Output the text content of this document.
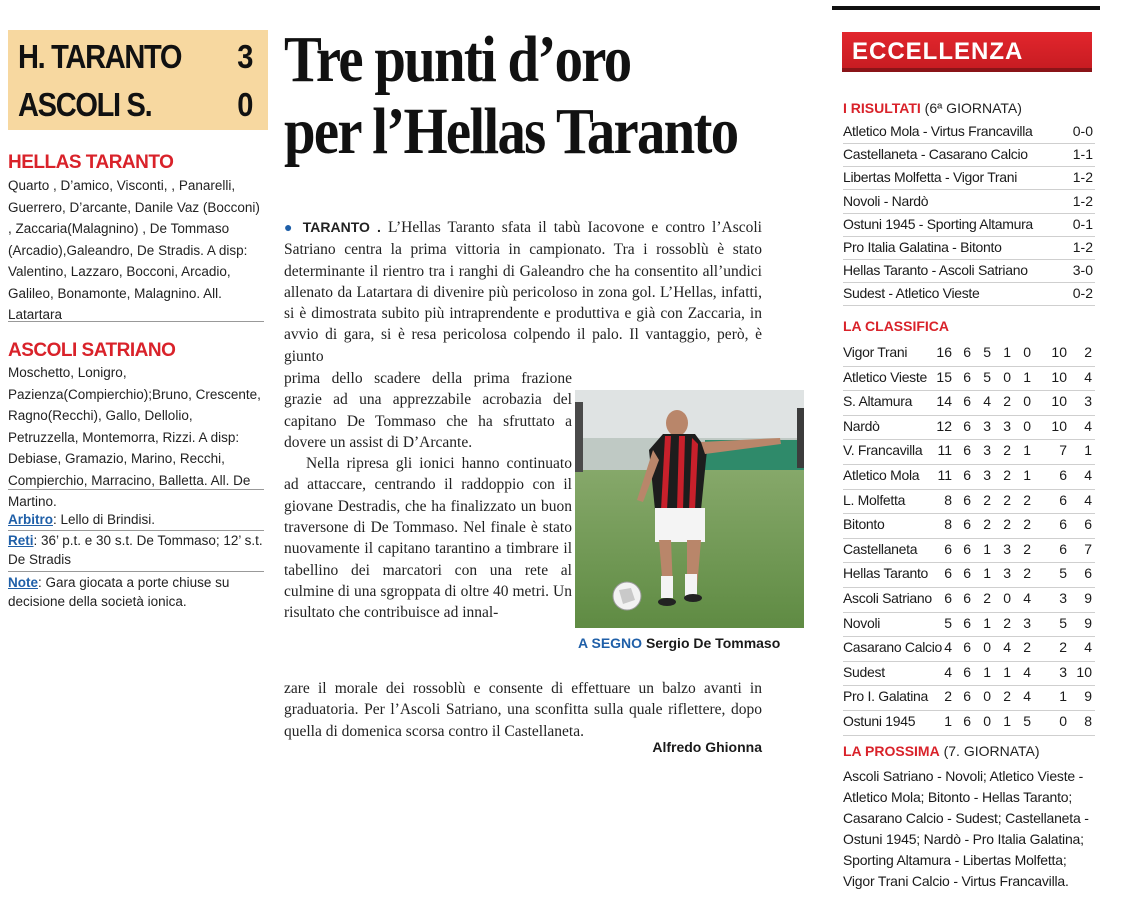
H. TARANTO 3
ASCOLI S.	0
HELLAS TARANTO
Quarto , D’amico, Visconti, , Panarelli, Guerrero, D’arcante, Danile Vaz (Bocconi) , Zaccaria(Malagnino) , De Tommaso (Arcadio),Galeandro, De Stradis. A disp: Valentino, Lazzaro, Bocconi, Arcadio, Galileo, Bonamonte, Malagnino. All. Latartara
ASCOLI SATRIANO
Moschetto, Lonigro, Pazienza(Compierchio);Bruno, Crescente, Ragno(Recchi), Gallo, Dellolio, Petruzzella, Montemorra, Rizzi. A disp: Debiase, Gramazio, Marino, Recchi, Compierchio, Marracino, Balletta. All. De Martino.
Arbitro: Lello di Brindisi.
Reti: 36’ p.t. e 30 s.t. De Tommaso; 12’ s.t. De Stradis
Note: Gara giocata a porte chiuse su decisione della società ionica.
Tre punti d’oro
per l’Hellas Taranto
● TARANTO . L’Hellas Taranto sfata il tabù Iacovone e contro l’Ascoli Satriano centra la prima vittoria in campionato. Tra i rossoblù è stato determinante il rientro tra i ranghi di Galeandro che ha consentito all’undici allenato da Latartara di divenire più pericoloso in zona gol. L’Hellas, infatti, si è dimostrata subito più intraprendente e produttiva e già con Zaccaria, in avvio di gara, si è resa pericolosa colpendo il palo. Il vantaggio, però, è giunto
prima dello scadere della prima frazione grazie ad una apprezzabile acrobazia del capitano De Tommaso che ha sfruttato a dovere un assist di D’Arcante.
Nella ripresa gli ionici hanno continuato ad attaccare, centrando il raddoppio con il giovane Destradis, che ha finalizzato un buon traversone di De Tommaso. Nel finale è stato nuovamente il capitano tarantino a timbrare il tabellino dei marcatori con una rete al culmine di una sgroppata di oltre 40 metri. Un risultato che contribuisce ad innal-
A SEGNO Sergio De Tommaso
zare il morale dei rossoblù e consente di effettuare un balzo avanti in graduatoria. Per l’Ascoli Satriano, una sconfitta sulla quale riflettere, dopo quella di domenica scorsa contro il Castellaneta.
Alfredo Ghionna
ECCELLENZA
I RISULTATI (6ª GIORNATA)
Atletico Mola - Virtus Francavilla	0-0
Castellaneta - Casarano Calcio	1-1
Libertas Molfetta - Vigor Trani	1-2
Novoli - Nardò	1-2
Ostuni 1945 - Sporting Altamura	0-1
Pro Italia Galatina - Bitonto	1-2
Hellas Taranto - Ascoli Satriano	3-0
Sudest - Atletico Vieste	0-2
LA CLASSIFICA
Vigor Trani 16 6 5 1 0 10 2
Atletico Vieste 15 6 5 0 1 10 4
S. Altamura 14 6 4 2 0 10 3
Nardò	12 6 3 3 0 10 4
V. Francavilla 11 6 3 2 1 7 1
Atletico Mola 11 6 3 2 1 6 4
L. Molfetta	8 6 2 2 2 6 4
Bitonto	8 6 2 2 2 6 6
Castellaneta 6 6 1 3 2 6 7
Hellas Taranto 6 6 1 3 2 5 6
Ascoli Satriano 6 6 2 0 4 3 9
Novoli	5 6 1 2 3 5 9
Casarano Calcio 4 6 0 4 2 2 4
Sudest	4 6 1 1 4 3 10
Pro I. Galatina 2 6 0 2 4 1 9
Ostuni 1945 1 6 0 1 5 0 8
LA PROSSIMA (7. GIORNATA)
Ascoli Satriano - Novoli; Atletico Vieste - Atletico Mola; Bitonto - Hellas Taranto; Casarano Calcio - Sudest; Castellaneta - Ostuni 1945; Nardò - Pro Italia Galatina; Sporting Altamura - Libertas Molfetta; Vigor Trani Calcio - Virtus Francavilla.
